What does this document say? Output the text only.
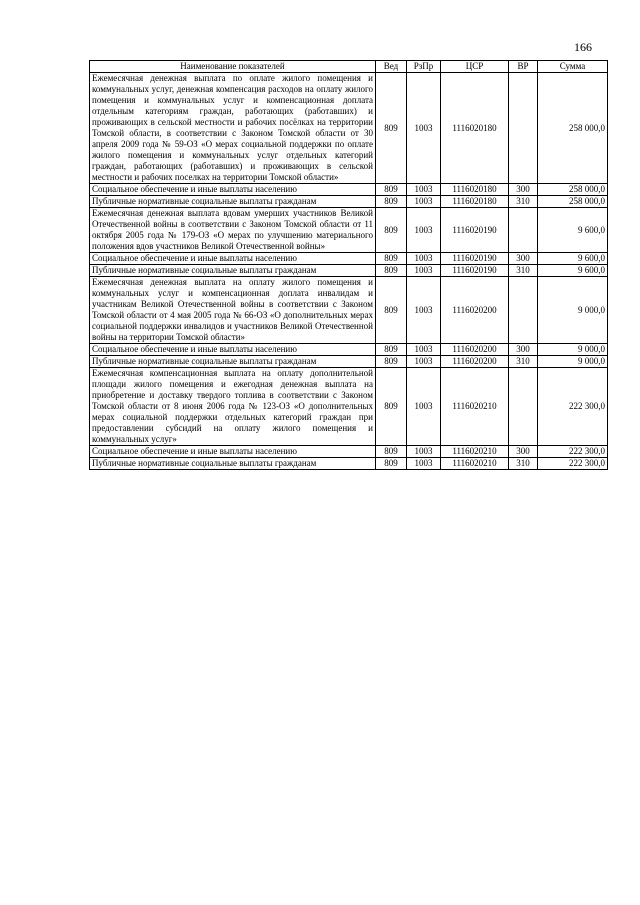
166
Наименование показателей	Вед	РзПр	ЦСР	ВР	Сумма
Ежемесячная денежная выплата по оплате жилого помещения и коммунальных услуг, денежная компенсация расходов на оплату жилого помещения и коммунальных услуг и компенсационная доплата отдельным категориям граждан, работающих (работавших) и проживающих в сельской местности и рабочих посёлках на территории Томской области, в соответствии с Законом Томской области от 30 апреля 2009 года № 59-ОЗ «О мерах социальной поддержки по оплате жилого помещения и коммунальных услуг отдельных категорий граждан, работающих (работавших) и проживающих в сельской местности и рабочих поселках на территории Томской области»	809	1003	1116020180		258 000,0
Социальное обеспечение и иные выплаты населению	809	1003	1116020180	300	258 000,0
Публичные нормативные социальные выплаты гражданам	809	1003	1116020180	310	258 000,0
Ежемесячная денежная выплата вдовам умерших участников Великой Отечественной войны в соответствии с Законом Томской области от 11 октября 2005 года № 179-ОЗ «О мерах по улучшению материального положения вдов участников Великой Отечественной войны»	809	1003	1116020190		9 600,0
Социальное обеспечение и иные выплаты населению	809	1003	1116020190	300	9 600,0
Публичные нормативные социальные выплаты гражданам	809	1003	1116020190	310	9 600,0
Ежемесячная денежная выплата на оплату жилого помещения и коммунальных услуг и компенсационная доплата инвалидам и участникам Великой Отечественной войны в соответствии с Законом Томской области от 4 мая 2005 года № 66-ОЗ «О дополнительных мерах социальной поддержки инвалидов и участников Великой Отечественной войны на территории Томской области»	809	1003	1116020200		9 000,0
Социальное обеспечение и иные выплаты населению	809	1003	1116020200	300	9 000,0
Публичные нормативные социальные выплаты гражданам	809	1003	1116020200	310	9 000,0
Ежемесячная компенсационная выплата на оплату дополнительной площади жилого помещения и ежегодная денежная выплата на приобретение и доставку твердого топлива в соответствии с Законом Томской области от 8 июня 2006 года № 123-ОЗ «О дополнительных мерах социальной поддержки отдельных категорий граждан при предоставлении субсидий на оплату жилого помещения и коммунальных услуг»	809	1003	1116020210		222 300,0
Социальное обеспечение и иные выплаты населению	809	1003	1116020210	300	222 300,0
Публичные нормативные социальные выплаты гражданам	809	1003	1116020210	310	222 300,0
